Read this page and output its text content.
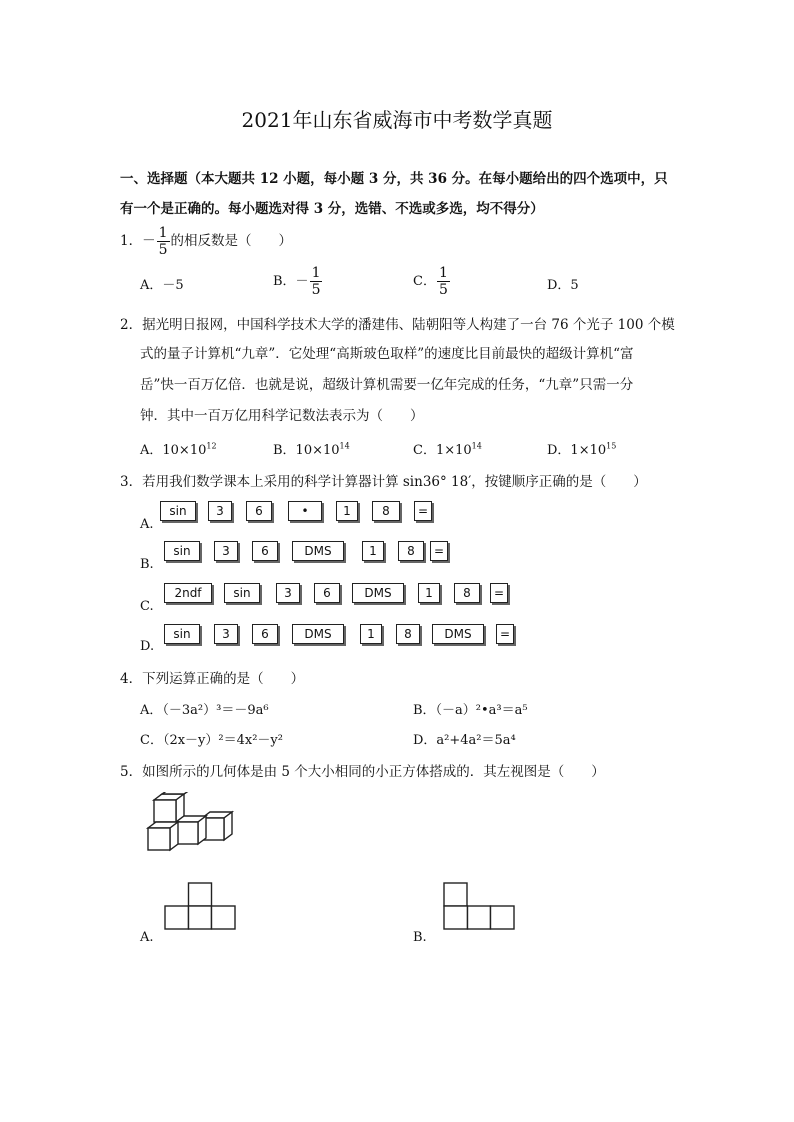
2021年山东省威海市中考数学真题
一、选择题（本大题共 12 小题，每小题 3 分，共 36 分。在每小题给出的四个选项中，只
有一个是正确的。每小题选对得 3 分，选错、不选或多选，均不得分）
1．－ $\frac{1}{5}$ 的相反数是（　　）
A．－5	B．－ $\frac{1}{5}$	C． $\frac{1}{5}$	D．5
2．据光明日报网，中国科学技术大学的潘建伟、陆朝阳等人构建了一台 76 个光子 100 个模
式的量子计算机“九章”．它处理“高斯玻色取样”的速度比目前最快的超级计算机“富
岳”快一百万亿倍．也就是说，超级计算机需要一亿年完成的任务，“九章”只需一分
钟．其中一百万亿用科学记数法表示为（　　）
A．$10\times 10^{12}$	B．$10\times 10^{14}$	C．$1\times 10^{14}$	D．$1\times 10^{15}$
3．若用我们数学课本上采用的科学计算器计算 sin36° 18′，按键顺序正确的是（　　）
A.
sin	3	6	•	1	8	=
B.
sin	3	6	DMS	1	8	=
C.
2ndf	sin	3	6	DMS	1	8	=
D.
sin	3	6	DMS	1	8	DMS	=
4．下列运算正确的是（　　）
A．（－3a²）³＝－9a⁶	B．（－a）²•a³＝a⁵
C．（2x－y）²＝4x²－y²	D．a²+4a²＝5a⁴
5．如图所示的几何体是由 5 个大小相同的小正方体搭成的．其左视图是（　　）
A.	B.
